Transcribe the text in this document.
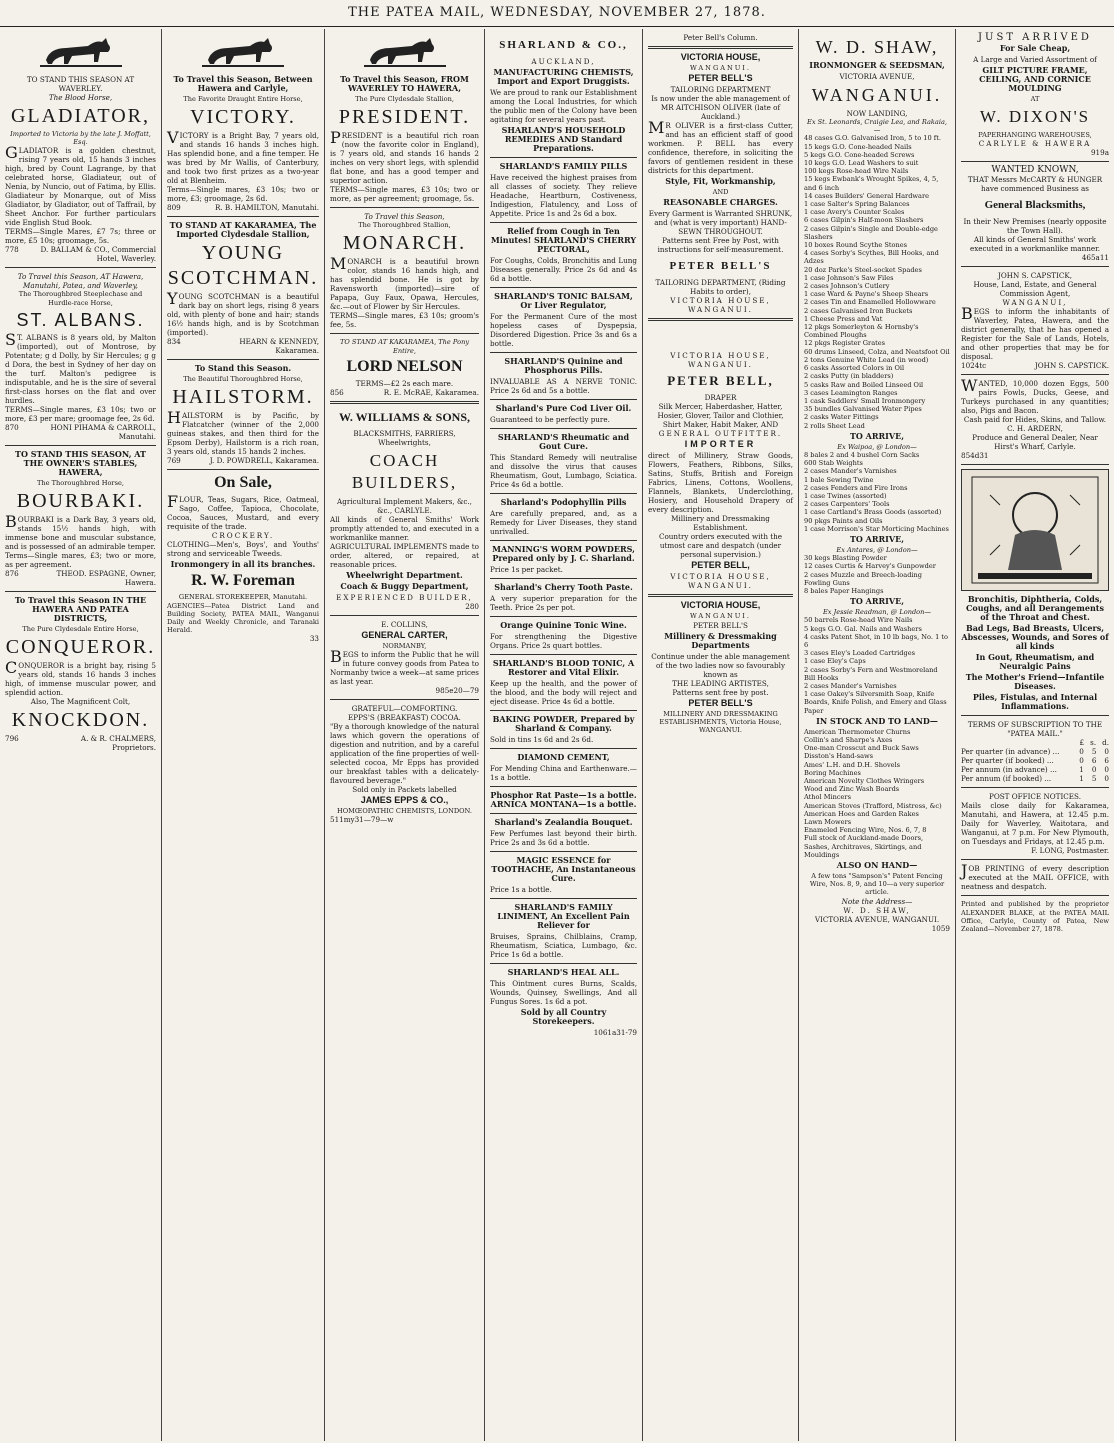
THE PATEA MAIL, WEDNESDAY, NOVEMBER 27, 1878.
TO STAND THIS SEASON AT WAVERLEY.
The Blood Horse,
GLADIATOR,
Imported to Victoria by the late J. Moffatt, Esq.
GLADIATOR is a golden chestnut, rising 7 years old, 15 hands 3 inches high, bred by Count Lagrange, by that celebrated horse, Gladiateur, out of Nenia, by Nuncio, out of Fatima, by Ellis. Gladiateur by Monarque, out of Miss Gladiator, by Gladiator, out of Taffrail, by Sheet Anchor. For further particulars vide English Stud Book.
TERMS—Single Mares, £7 7s; three or more, £5 10s; groomage, 5s.
778	D. BALLAM & CO., Commercial Hotel, Waverley.
To Travel this Season, AT Hawera, Manutahi, Patea, and Waverley,
The Thoroughbred Steeplechase and Hurdle-race Horse,
ST. ALBANS.
ST. ALBANS is 8 years old, by Malton (imported), out of Montrose, by Potentate; g d Dolly, by Sir Hercules; g g d Dora, the best in Sydney of her day on the turf. Malton's pedigree is indisputable, and he is the sire of several first-class horses on the flat and over hurdles.
TERMS—Single mares, £3 10s; two or more, £3 per mare; groomage fee, 2s 6d.
870	HONI PIHAMA & CARROLL, Manutahi.
TO STAND THIS SEASON, AT THE OWNER'S STABLES, HAWERA,
The Thoroughbred Horse,
BOURBAKI.
BOURBAKI is a Dark Bay, 3 years old, stands 15½ hands high, with immense bone and muscular substance, and is possessed of an admirable temper.
Terms—Single mares, £3; two or more, as per agreement.
876	THEOD. ESPAGNE, Owner, Hawera.
To Travel this Season IN THE HAWERA AND PATEA DISTRICTS,
The Pure Clydesdale Entire Horse,
CONQUEROR.
CONQUEROR is a bright bay, rising 5 years old, stands 16 hands 3 inches high, of immense muscular power, and splendid action.
Also, The Magnificent Colt,
KNOCKDON.
796	A. & R. CHALMERS, Proprietors.
To Travel this Season, Between Hawera and Carlyle,
The Favorite Draught Entire Horse,
VICTORY.
VICTORY is a Bright Bay, 7 years old, and stands 16 hands 3 inches high. Has splendid bone, and a fine temper. He was bred by Mr Wallis, of Canterbury, and took two first prizes as a two-year old at Blenheim.
Terms—Single mares, £3 10s; two or more, £3; groomage, 2s 6d.
809	R. B. HAMILTON, Manutahi.
TO STAND AT KAKARAMEA, The Imported Clydesdale Stallion,
YOUNG
SCOTCHMAN.
YOUNG SCOTCHMAN is a beautiful dark bay on short legs, rising 8 years old, with plenty of bone and hair; stands 16½ hands high, and is by Scotchman (imported).
834	HEARN & KENNEDY, Kakaramea.
To Stand this Season.
The Beautiful Thoroughbred Horse,
HAILSTORM.
HAILSTORM is by Pacific, by Flatcatcher (winner of the 2,000 guineas stakes, and then third for the Epsom Derby), Hailstorm is a rich roan, 3 years old, stands 15 hands 2 inches.
769	J. D. POWDRELL, Kakaramea.
On Sale,
FLOUR, Teas, Sugars, Rice, Oatmeal, Sago, Coffee, Tapioca, Chocolate, Cocoa, Sauces, Mustard, and every requisite of the trade.
CROCKERY.
CLOTHING—Men's, Boys', and Youths' strong and serviceable Tweeds.
Ironmongery in all its branches.
R. W. Foreman
GENERAL STOREKEEPER, Manutahi.
AGENCIES—Patea District Land and Building Society, PATEA MAIL, Wanganui Daily and Weekly Chronicle, and Taranaki Herald.
33
To Travel this Season, FROM WAVERLEY TO HAWERA,
The Pure Clydesdale Stallion,
PRESIDENT.
PRESIDENT is a beautiful rich roan (now the favorite color in England), is 7 years old, and stands 16 hands 2 inches on very short legs, with splendid flat bone, and has a good temper and superior action.
TERMS—Single mares, £3 10s; two or more, as per agreement; groomage, 5s.
To Travel this Season,
The Thoroughbred Stallion,
MONARCH.
MONARCH is a beautiful brown color, stands 16 hands high, and has splendid bone. He is got by Ravensworth (imported)—sire of Papapa, Guy Faux, Opawa, Hercules, &c.—out of Flower by Sir Hercules.
TERMS—Single mares, £3 10s; groom's fee, 5s.
TO STAND AT KAKARAMEA, The Pony Entire,
LORD NELSON
TERMS—£2 2s each mare.
856	R. E. McRAE, Kakaramea.
W. WILLIAMS & SONS,
BLACKSMITHS, FARRIERS, Wheelwrights,
COACH BUILDERS,
Agricultural Implement Makers, &c., &c., CARLYLE.
All kinds of General Smiths' Work promptly attended to, and executed in a workmanlike manner.
AGRICULTURAL IMPLEMENTS made to order, altered, or repaired, at reasonable prices.
Wheelwright Department.
Coach & Buggy Department,
EXPERIENCED BUILDER,
280
E. COLLINS,
GENERAL CARTER,
NORMANBY,
BEGS to inform the Public that he will in future convey goods from Patea to Normanby twice a week—at same prices as last year.
985e20—79
GRATEFUL—COMFORTING.
EPPS'S (BREAKFAST) COCOA.
"By a thorough knowledge of the natural laws which govern the operations of digestion and nutrition, and by a careful application of the fine properties of well-selected cocoa, Mr Epps has provided our breakfast tables with a delicately-flavoured beverage."
Sold only in Packets labelled
JAMES EPPS & CO.,
HOMŒOPATHIC CHEMISTS, LONDON.
511my31—79—w
SHARLAND & CO.,
AUCKLAND,
MANUFACTURING CHEMISTS, Import and Export Druggists.
We are proud to rank our Establishment among the Local Industries, for which the public men of the Colony have been agitating for several years past.
SHARLAND'S HOUSEHOLD REMEDIES AND Standard Preparations.
SHARLAND'S FAMILY PILLS
Have received the highest praises from all classes of society. They relieve Headache, Heartburn, Costiveness, Indigestion, Flatulency, and Loss of Appetite. Price 1s and 2s 6d a box.
Relief from Cough in Ten Minutes! SHARLAND'S CHERRY PECTORAL,
For Coughs, Colds, Bronchitis and Lung Diseases generally. Price 2s 6d and 4s 6d a bottle.
SHARLAND'S TONIC BALSAM, Or Liver Regulator,
For the Permanent Cure of the most hopeless cases of Dyspepsia, Disordered Digestion. Price 3s and 6s a bottle.
SHARLAND'S Quinine and Phosphorus Pills.
INVALUABLE AS A NERVE TONIC. Price 2s 6d and 5s a bottle.
Sharland's Pure Cod Liver Oil.
Guaranteed to be perfectly pure.
SHARLAND'S Rheumatic and Gout Cure.
This Standard Remedy will neutralise and dissolve the virus that causes Rheumatism, Gout, Lumbago, Sciatica. Price 4s 6d a bottle.
Sharland's Podophyllin Pills
Are carefully prepared, and, as a Remedy for Liver Diseases, they stand unrivalled.
MANNING'S WORM POWDERS, Prepared only by J. C. Sharland.
Price 1s per packet.
Sharland's Cherry Tooth Paste.
A very superior preparation for the Teeth. Price 2s per pot.
Orange Quinine Tonic Wine.
For strengthening the Digestive Organs. Price 2s quart bottles.
SHARLAND'S BLOOD TONIC, A Restorer and Vital Elixir.
Keep up the health, and the power of the blood, and the body will reject and eject disease. Price 4s 6d a bottle.
BAKING POWDER, Prepared by Sharland & Company.
Sold in tins 1s 6d and 2s 6d.
DIAMOND CEMENT,
For Mending China and Earthenware.—1s a bottle.
Phosphor Rat Paste—1s a bottle. ARNICA MONTANA—1s a bottle.
Sharland's Zealandia Bouquet.
Few Perfumes last beyond their birth. Price 2s and 3s 6d a bottle.
MAGIC ESSENCE for TOOTHACHE, An Instantaneous Cure.
Price 1s a bottle.
SHARLAND'S FAMILY LINIMENT, An Excellent Pain Reliever for
Bruises, Sprains, Chilblains, Cramp, Rheumatism, Sciatica, Lumbago, &c. Price 1s 6d a bottle.
SHARLAND'S HEAL ALL.
This Ointment cures Burns, Scalds, Wounds, Quinsey, Swellings, And all Fungus Sores. 1s 6d a pot.
Sold by all Country Storekeepers.
1061a31-79
Peter Bell's Column.
VICTORIA HOUSE,
WANGANUI.
PETER BELL'S
TAILORING DEPARTMENT
Is now under the able management of
MR AITCHISON OLIVER (late of Auckland.)
MR OLIVER is a first-class Cutter, and has an efficient staff of good workmen. P. BELL has every confidence, therefore, in soliciting the favors of gentlemen resident in these districts for this department.
Style, Fit, Workmanship,
AND
REASONABLE CHARGES.
Every Garment is Warranted SHRUNK, and (what is very important) HAND-SEWN THROUGHOUT.
Patterns sent Free by Post, with instructions for self-measurement.
PETER BELL'S
TAILORING DEPARTMENT, (Riding Habits to order),
VICTORIA HOUSE, WANGANUI.
VICTORIA HOUSE, WANGANUI.
PETER BELL,
DRAPER
Silk Mercer, Haberdasher, Hatter, Hosier, Glover, Tailor and Clothier, Shirt Maker, Habit Maker, AND
GENERAL OUTFITTER.
IMPORTER
direct of Millinery, Straw Goods, Flowers, Feathers, Ribbons, Silks, Satins, Stuffs, British and Foreign Fabrics, Linens, Cottons, Woollens, Flannels, Blankets, Underclothing, Hosiery, and Household Drapery of every description.
Millinery and Dressmaking Establishment.
Country orders executed with the utmost care and despatch (under personal supervision.)
PETER BELL,
VICTORIA HOUSE, WANGANUI.
VICTORIA HOUSE,
WANGANUI.
PETER BELL'S
Millinery & Dressmaking Departments
Continue under the able management of the two ladies now so favourably known as
THE LEADING ARTISTES,
Patterns sent free by post.
PETER BELL'S
MILLINERY AND DRESSMAKING ESTABLISHMENTS, Victoria House, WANGANUI.
W. D. SHAW,
IRONMONGER & SEEDSMAN,
VICTORIA AVENUE,
WANGANUI.
NOW LANDING,
Ex St. Leonards, Craigie Lea, and Rakaia,—
48 cases G.O. Galvanised Iron, 5 to 10 ft.
15 kegs G.O. Cone-headed Nails
5 kegs G.O. Cone-headed Screws
10 kegs G.O. Lead Washers to suit
100 kegs Rose-head Wire Nails
15 kegs Ewbank's Wrought Spikes, 4, 5, and 6 inch
14 cases Builders' General Hardware
1 case Salter's Spring Balances
1 case Avery's Counter Scales
6 cases Gilpin's Half-moon Slashers
2 cases Gilpin's Single and Double-edge Slashers
10 boxes Round Scythe Stones
4 cases Sorby's Scythes, Bill Hooks, and Adzes
20 doz Parke's Steel-socket Spades
1 case Johnson's Saw Files
2 cases Johnson's Cutlery
1 case Ward & Payne's Sheep Shears
2 cases Tin and Enamelled Hollowware
2 cases Galvanised Iron Buckets
1 Cheese Press and Vat
12 pkgs Somerleyton & Hornsby's Combined Ploughs
12 pkgs Register Grates
60 drums Linseed, Colza, and Neatsfoot Oil
2 tons Genuine White Lead (in wood)
6 casks Assorted Colors in Oil
2 casks Putty (in bladders)
5 casks Raw and Boiled Linseed Oil
3 cases Leamington Ranges
1 cask Saddlers' Small Ironmongery
35 bundles Galvanised Water Pipes
2 casks Water Fittings
2 rolls Sheet Lead
TO ARRIVE,
Ex Waipoa, @ London—
8 bales 2 and 4 bushel Corn Sacks
600 Stab Weights
2 cases Mander's Varnishes
1 bale Sewing Twine
2 cases Fenders and Fire Irons
1 case Twines (assorted)
2 cases Carpenters' Tools
1 case Cartland's Brass Goods (assorted)
90 pkgs Paints and Oils
1 case Morrison's Star Morticing Machines
TO ARRIVE,
Ex Antares, @ London—
30 kegs Blasting Powder
12 cases Curtis & Harvey's Gunpowder
2 cases Muzzle and Breech-loading Fowling Guns
8 bales Paper Hangings
TO ARRIVE,
Ex Jessie Readman, @ London—
50 barrels Rose-head Wire Nails
5 kegs G.O. Gal. Nails and Washers
4 casks Patent Shot, in 10 lb bags, No. 1 to 6
3 cases Eley's Loaded Cartridges
1 case Eley's Caps
2 cases Sorby's Fern and Westmoreland Bill Hooks
2 cases Mander's Varnishes
1 case Oakey's Silversmith Soap, Knife Boards, Knife Polish, and Emery and Glass Paper
IN STOCK AND TO LAND—
American Thermometer Churns
Collin's and Sharpe's Axes
One-man Crosscut and Buck Saws
Disston's Hand-saws
Ames' L.H. and D.H. Shovels
Boring Machines
American Novelty Clothes Wringers
Wood and Zinc Wash Boards
Athol Mincers
American Stoves (Trafford, Mistress, &c)
American Hoes and Garden Rakes
Lawn Mowers
Enameled Fencing Wire, Nos. 6, 7, 8
Full stock of Auckland-made Doors, Sashes, Architraves, Skirtings, and Mouldings
ALSO ON HAND—
A few tons "Sampson's" Patent Fencing Wire, Nos. 8, 9, and 10—a very superior article.
Note the Address—
W. D. SHAW,
VICTORIA AVENUE, WANGANUI.
1059
JUST ARRIVED
For Sale Cheap,
A Large and Varied Assortment of
GILT PICTURE FRAME, CEILING, AND CORNICE MOULDING
AT
W. DIXON'S
PAPERHANGING WAREHOUSES,
CARLYLE & HAWERA
919a
WANTED KNOWN,
THAT Messrs McCARTY & HUNGER have commenced Business as
General Blacksmiths,
In their New Premises (nearly opposite the Town Hall).
All kinds of General Smiths' work executed in a workmanlike manner.
465a11
JOHN S. CAPSTICK,
House, Land, Estate, and General Commission Agent,
WANGANUI,
BEGS to inform the inhabitants of Waverley, Patea, Hawera, and the district generally, that he has opened a Register for the Sale of Lands, Hotels, and other properties that may be for disposal.
1024tc	JOHN S. CAPSTICK.
WANTED, 10,000 dozen Eggs, 500 pairs Fowls, Ducks, Geese, and Turkeys purchased in any quantities; also, Pigs and Bacon.
Cash paid for Hides, Skins, and Tallow.
C. H. ARDERN,
Produce and General Dealer, Near Hirst's Wharf, Carlyle.
854d31
Bronchitis, Diphtheria, Colds, Coughs, and all Derangements of the Throat and Chest.
Bad Legs, Bad Breasts, Ulcers, Abscesses, Wounds, and Sores of all kinds
In Gout, Rheumatism, and Neuralgic Pains
The Mother's Friend—Infantile Diseases.
Piles, Fistulas, and Internal Inflammations.
TERMS OF SUBSCRIPTION TO THE "PATEA MAIL."
£ s. d.
Per quarter (in advance) ...	0 5 0
Per quarter (if booked) ...	0 6 6
Per annum (in advance) ...	1 0 0
Per annum (if booked) ...	1 5 0
POST OFFICE NOTICES.
Mails close daily for Kakaramea, Manutahi, and Hawera, at 12.45 p.m. Daily for Waverley, Waitotara, and Wanganui, at 7 p.m. For New Plymouth, on Tuesdays and Fridays, at 12.45 p.m.
F. LONG, Postmaster.
JOB PRINTING of every description executed at the MAIL OFFICE, with neatness and despatch.
Printed and published by the proprietor ALEXANDER BLAKE, at the PATEA MAIL Office, Carlyle, County of Patea, New Zealand—November 27, 1878.
